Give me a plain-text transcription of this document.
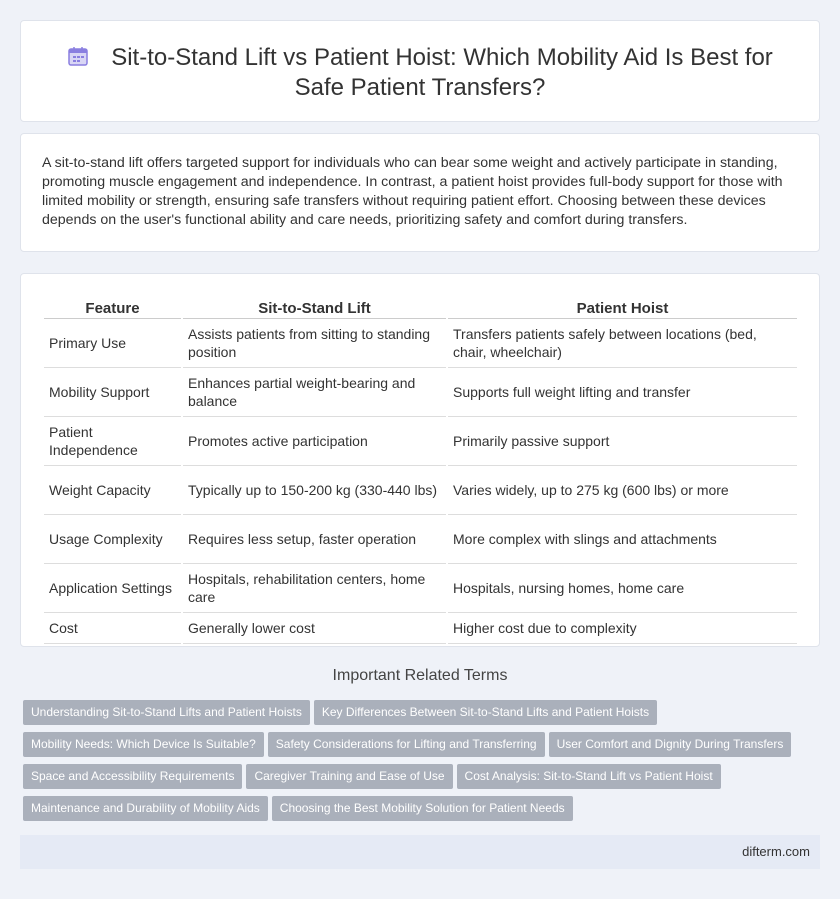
Sit-to-Stand Lift vs Patient Hoist: Which Mobility Aid Is Best for Safe Patient Transfers?

A sit-to-stand lift offers targeted support for individuals who can bear some weight and actively participate in standing, promoting muscle engagement and independence. In contrast, a patient hoist provides full-body support for those with limited mobility or strength, ensuring safe transfers without requiring patient effort. Choosing between these devices depends on the user's functional ability and care needs, prioritizing safety and comfort during transfers.

Feature	Sit-to-Stand Lift	Patient Hoist
Primary Use	Assists patients from sitting to standing position	Transfers patients safely between locations (bed, chair, wheelchair)
Mobility Support	Enhances partial weight-bearing and balance	Supports full weight lifting and transfer
Patient Independence	Promotes active participation	Primarily passive support
Weight Capacity	Typically up to 150-200 kg (330-440 lbs)	Varies widely, up to 275 kg (600 lbs) or more
Usage Complexity	Requires less setup, faster operation	More complex with slings and attachments
Application Settings	Hospitals, rehabilitation centers, home care	Hospitals, nursing homes, home care
Cost	Generally lower cost	Higher cost due to complexity
Important Related Terms
Understanding Sit-to-Stand Lifts and Patient Hoists Key Differences Between Sit-to-Stand Lifts and Patient Hoists
Mobility Needs: Which Device Is Suitable? Safety Considerations for Lifting and Transferring User Comfort and Dignity During Transfers
Space and Accessibility Requirements Caregiver Training and Ease of Use Cost Analysis: Sit-to-Stand Lift vs Patient Hoist
Maintenance and Durability of Mobility Aids Choosing the Best Mobility Solution for Patient Needs
difterm.com
